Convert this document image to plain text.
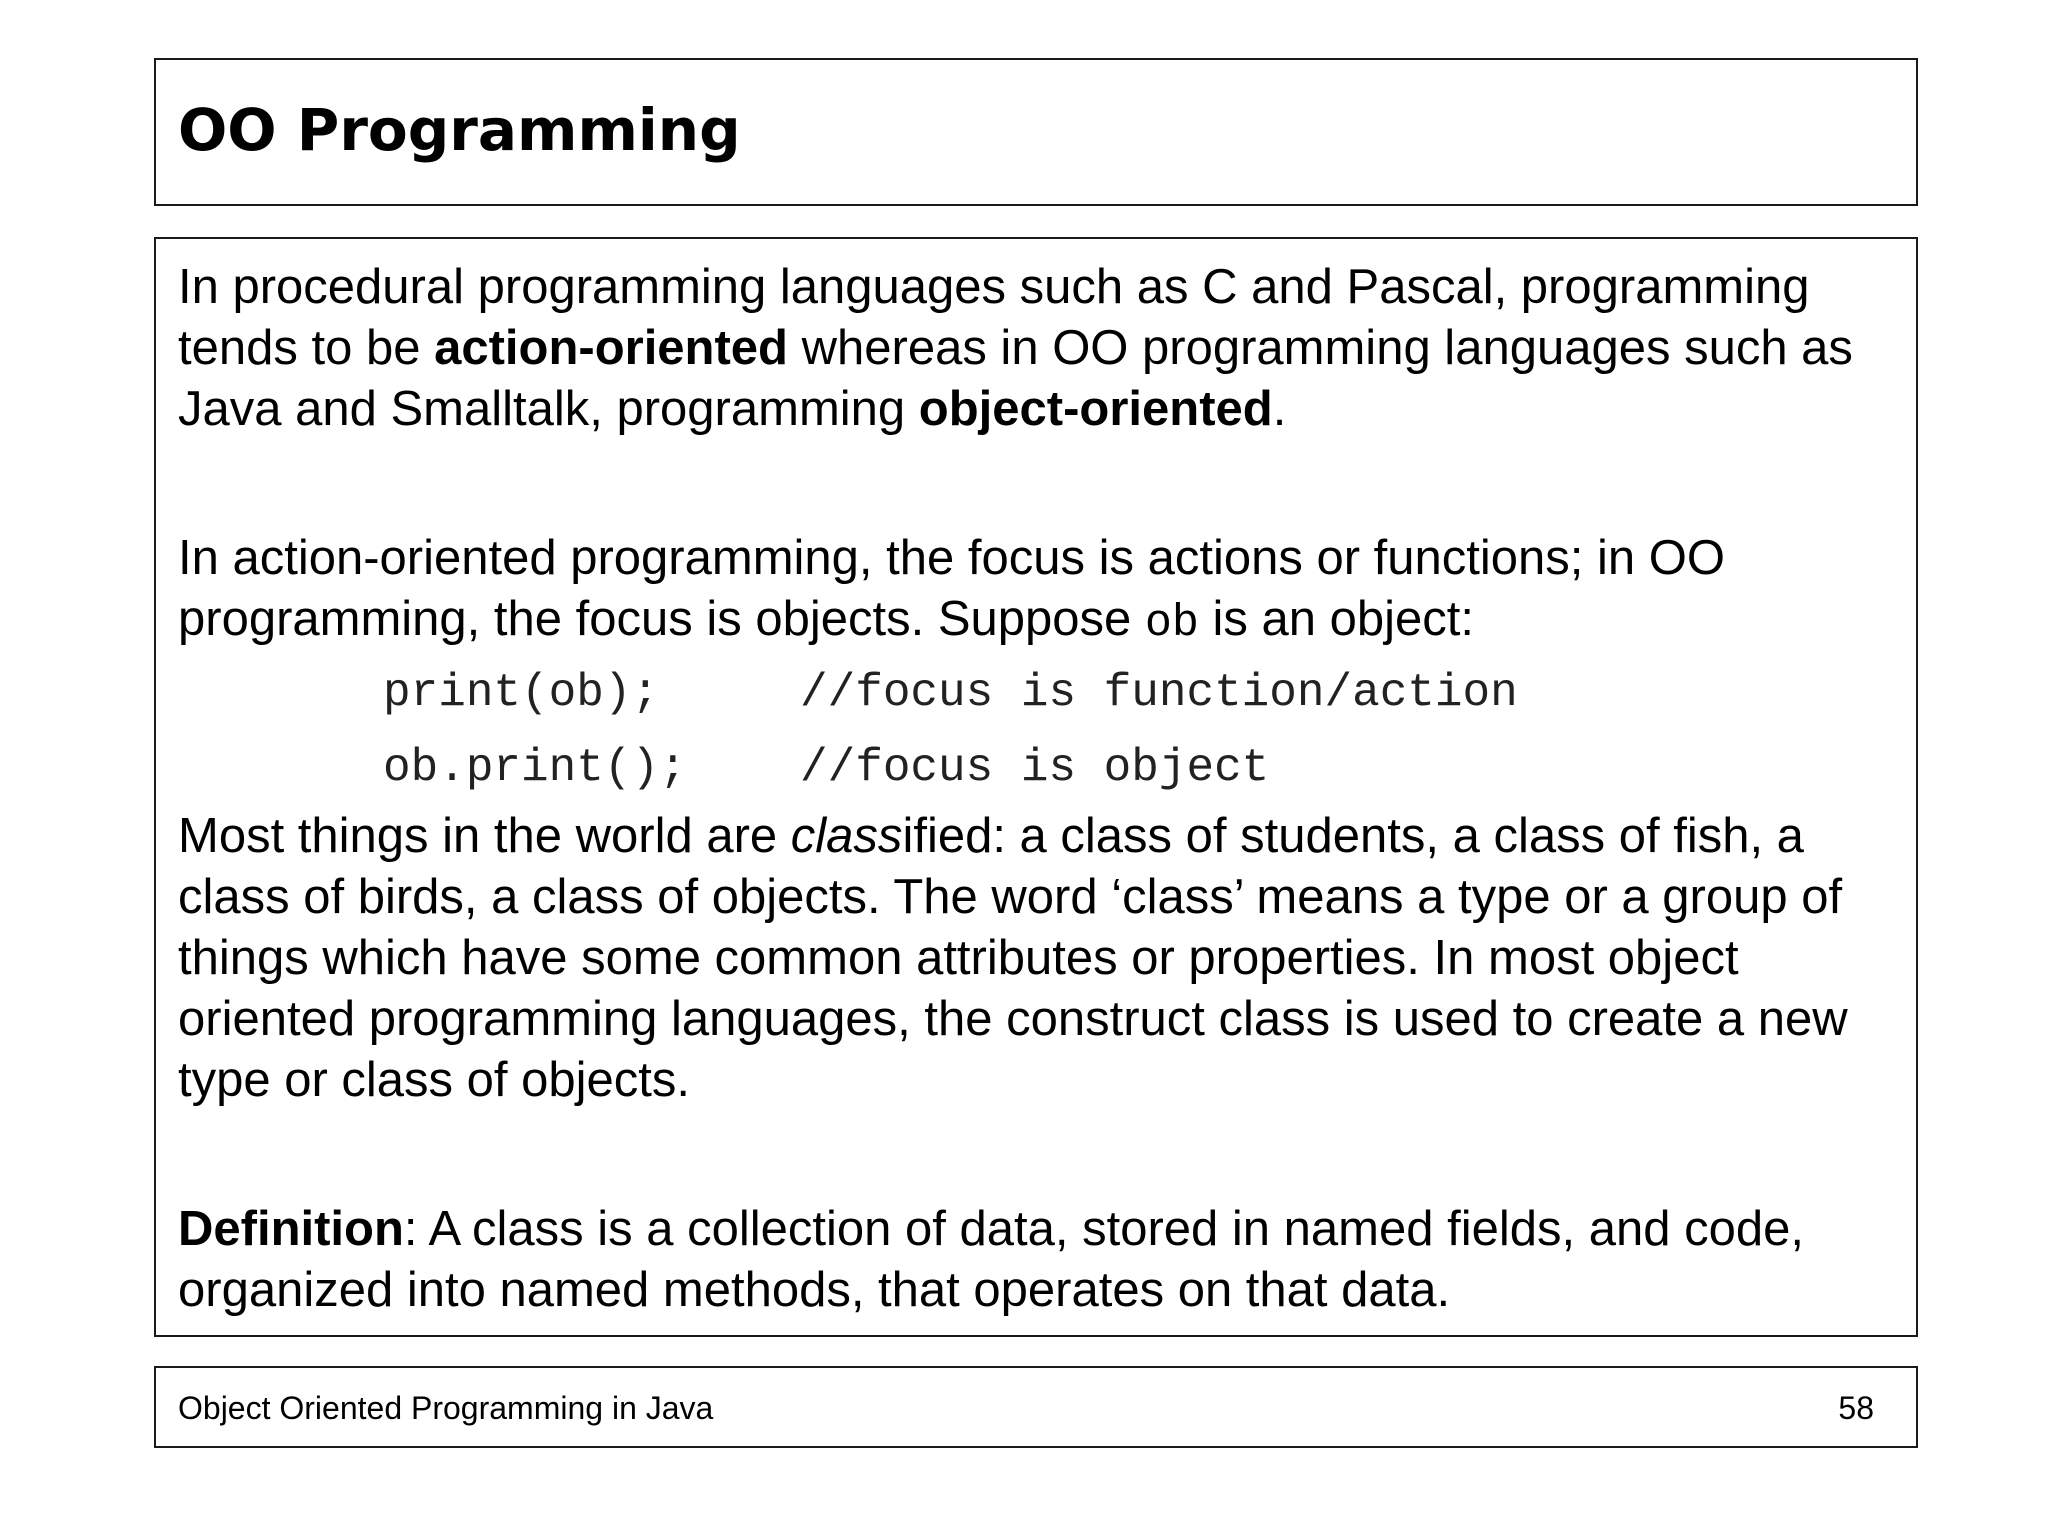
OO Programming

In procedural programming languages such as C and Pascal, programming tends to be action-oriented whereas in OO programming languages such as Java and Smalltalk, programming object-oriented.

In action-oriented programming, the focus is actions or functions; in OO programming, the focus is objects. Suppose ob is an object:

print(ob);	//focus is function/action
ob.print(); //focus is object

Most things in the world are classified: a class of students, a class of fish, a class of birds, a class of objects. The word ‘class’ means a type or a group of things which have some common attributes or properties. In most object oriented programming languages, the construct class is used to create a new type or class of objects.

Definition: A class is a collection of data, stored in named fields, and code, organized into named methods, that operates on that data.

Object Oriented Programming in Java	58
